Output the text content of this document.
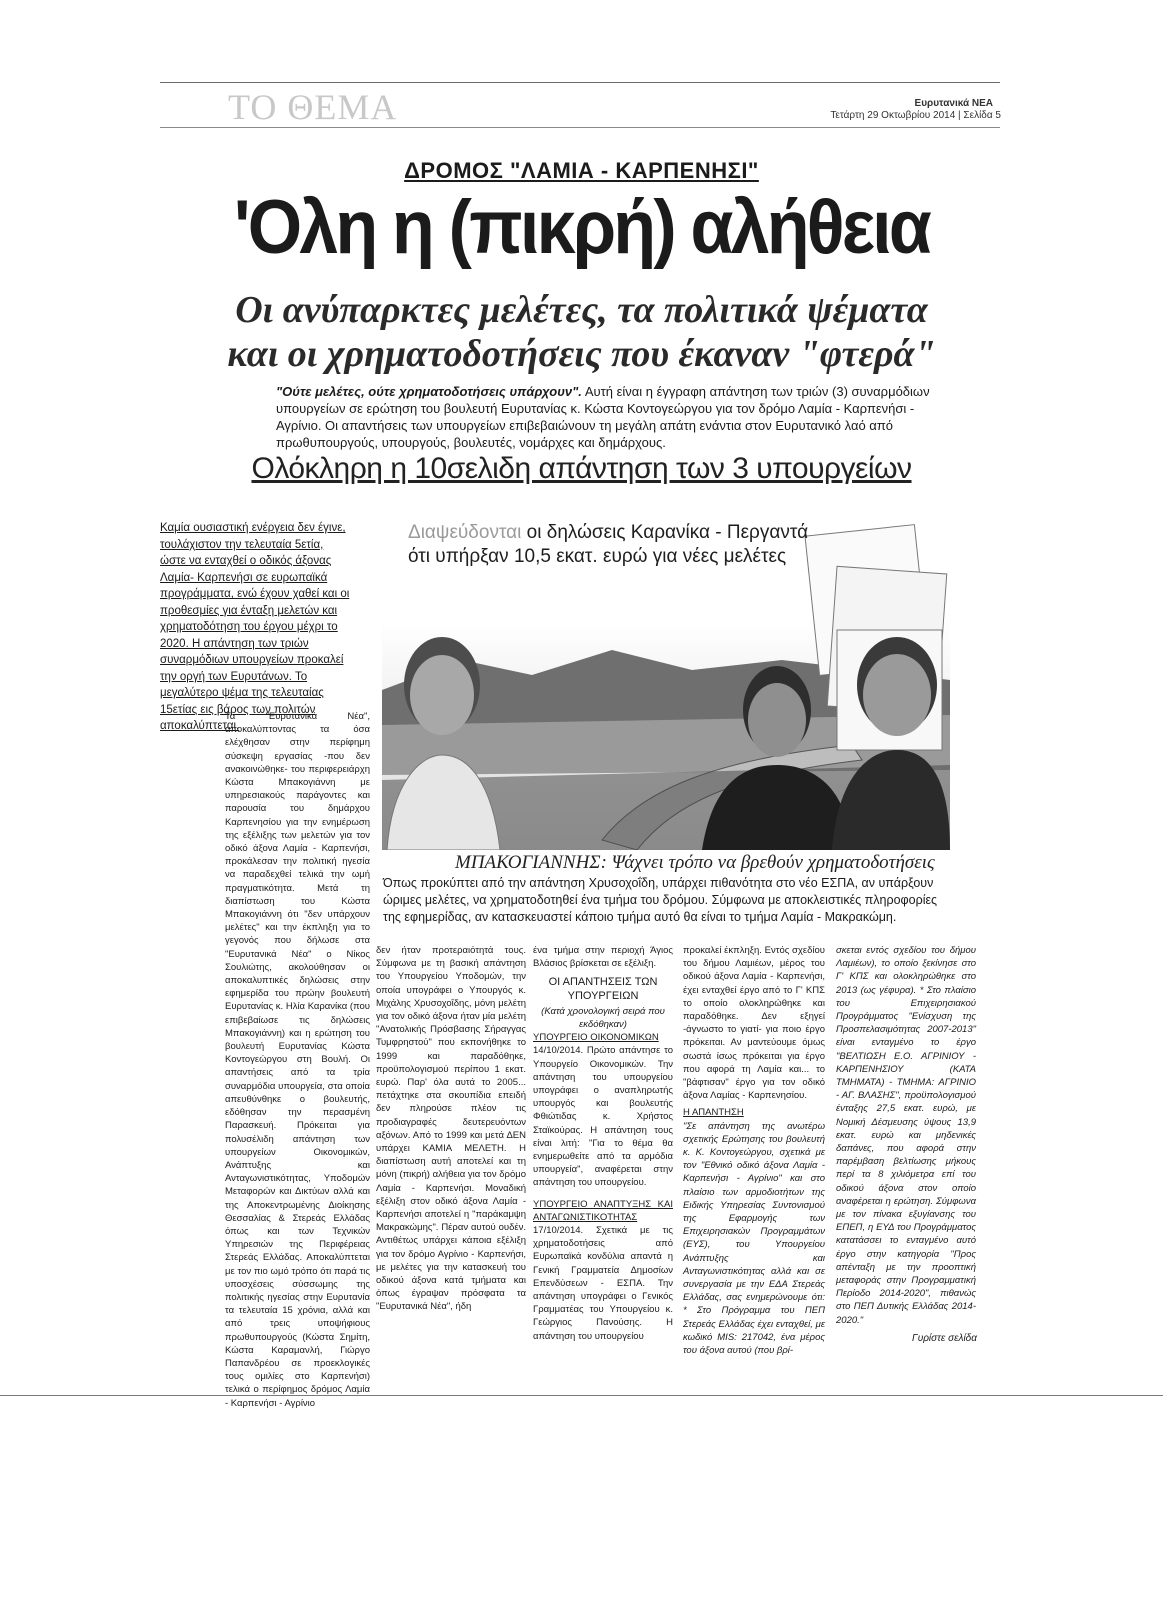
ΤΟ ΘΕΜΑ	Ευρυτανικά ΝΕΑ
Τετάρτη 29 Οκτωβρίου 2014 | Σελίδα 5
ΔΡΟΜΟΣ "ΛΑΜΙΑ - ΚΑΡΠΕΝΗΣΙ"
'Ολη η (πικρή) αλήθεια
Οι ανύπαρκτες μελέτες, τα πολιτικά ψέματα
και οι χρηματοδοτήσεις που έκαναν "φτερά"
"Ούτε μελέτες, ούτε χρηματοδοτήσεις υπάρχουν". Αυτή είναι η έγγραφη απάντηση των τριών (3) συναρμόδιων υπουργείων σε ερώτηση του βουλευτή Ευρυτανίας κ. Κώστα Κοντογεώργου για τον δρόμο Λαμία - Καρπενήσι - Αγρίνιο. Οι απαντήσεις των υπουργείων επιβεβαιώνουν τη μεγάλη απάτη ενάντια στον Ευρυτανικό λαό από πρωθυπουργούς, υπουργούς, βουλευτές, νομάρχες και δημάρχους.
Ολόκληρη η 10σελιδη απάντηση των 3 υπουργείων
Καμία ουσιαστική ενέργεια δεν έγινε, τουλάχιστον την τελευταία 5ετία, ώστε να ενταχθεί ο οδικός άξονας Λαμία- Καρπενήσι σε ευρωπαϊκά προγράμματα, ενώ έχουν χαθεί και οι προθεσμίες για ένταξη μελετών και χρηματοδότηση του έργου μέχρι το 2020. Η απάντηση των τριών συναρμόδιων υπουργείων προκαλεί την οργή των Ευρυτάνων. Το μεγαλύτερο ψέμα της τελευταίας 15ετίας εις βάρος των πολιτών αποκαλύπτεται.
Διαψεύδονται οι δηλώσεις Καρανίκα - Περγαντά ότι υπήρξαν 10,5 εκατ. ευρώ για νέες μελέτες
ΜΠΑΚΟΓΙΑΝΝΗΣ: Ψάχνει τρόπο να βρεθούν χρηματοδοτήσεις
Όπως προκύπτει από την απάντηση Χρυσοχοΐδη, υπάρχει πιθανότητα στο νέο ΕΣΠΑ, αν υπάρξουν ώριμες μελέτες, να χρηματοδοτηθεί ένα τμήμα του δρόμου. Σύμφωνα με αποκλειστικές πληροφορίες της εφημερίδας, αν κατασκευαστεί κάποιο τμήμα αυτό θα είναι το τμήμα Λαμία - Μακρακώμη.
Τα "Ευρυτανικά Νέα", αποκαλύπτοντας τα όσα ελέχθησαν στην περίφημη σύσκεψη εργασίας -που δεν ανακοινώθηκε- του περιφερειάρχη Κώστα Μπακογιάννη με υπηρεσιακούς παράγοντες και παρουσία του δημάρχου Καρπενησίου για την ενημέρωση της εξέλιξης των μελετών για τον οδικό άξονα Λαμία - Καρπενήσι, προκάλεσαν την πολιτική ηγεσία να παραδεχθεί τελικά την ωμή πραγματικότητα. Μετά τη διαπίστωση του Κώστα Μπακογιάννη ότι "δεν υπάρχουν μελέτες" και την έκπληξη για το γεγονός που δήλωσε στα "Ευρυτανικά Νέα" ο Νίκος Σουλιώτης, ακολούθησαν οι αποκαλυπτικές δηλώσεις στην εφημερίδα του πρώην βουλευτή Ευρυτανίας κ. Ηλία Καρανίκα (που επιβεβαίωσε τις δηλώσεις Μπακογιάννη) και η ερώτηση του βουλευτή Ευρυτανίας Κώστα Κοντογεώργου στη Βουλή. Οι απαντήσεις από τα τρία συναρμόδια υπουργεία, στα οποία απευθύνθηκε ο βουλευτής, εδόθησαν την περασμένη Παρασκευή. Πρόκειται για πολυσέλιδη απάντηση των υπουργείων Οικονομικών, Ανάπτυξης και Ανταγωνιστικότητας, Υποδομών Μεταφορών και Δικτύων αλλά και της Αποκεντρωμένης Διοίκησης Θεσσαλίας & Στερεάς Ελλάδας όπως και των Τεχνικών Υπηρεσιών της Περιφέρειας Στερεάς Ελλάδας. Αποκαλύπτεται με τον πιο ωμό τρόπο ότι παρά τις υποσχέσεις σύσσωμης της πολιτικής ηγεσίας στην Ευρυτανία τα τελευταία 15 χρόνια, αλλά και από τρεις υποψήφιους πρωθυπουργούς (Κώστα Σημίτη, Κώστα Καραμανλή, Γιώργο Παπανδρέου σε προεκλογικές τους ομιλίες στο Καρπενήσι) τελικά ο περίφημος δρόμος Λαμία - Καρπενήσι - Αγρίνιο
δεν ήταν προτεραιότητά τους. Σύμφωνα με τη βασική απάντηση του Υπουργείου Υποδομών, την οποία υπογράφει ο Υπουργός κ. Μιχάλης Χρυσοχοΐδης, μόνη μελέτη για τον οδικό άξονα ήταν μία μελέτη "Ανατολικής Πρόσβασης Σήραγγας Τυμφρηστού" που εκπονήθηκε το 1999 και παραδόθηκε, προϋπολογισμού περίπου 1 εκατ. ευρώ. Παρ' όλα αυτά το 2005... πετάχτηκε στα σκουπίδια επειδή δεν πληρούσε πλέον τις προδιαγραφές δευτερευόντων αξόνων. Από το 1999 και μετά ΔΕΝ υπάρχει ΚΑΜΙΑ ΜΕΛΕΤΗ. Η διαπίστωση αυτή αποτελεί και τη μόνη (πικρή) αλήθεια για τον δρόμο Λαμία - Καρπενήσι. Μοναδική εξέλιξη στον οδικό άξονα Λαμία - Καρπενήσι αποτελεί η "παράκαμψη Μακρακώμης". Πέραν αυτού ουδέν. Αντιθέτως υπάρχει κάποια εξέλιξη για τον δρόμο Αγρίνιο - Καρπενήσι, με μελέτες για την κατασκευή του οδικού άξονα κατά τμήματα και όπως έγραψαν πρόσφατα τα "Ευρυτανικά Νέα", ήδη
ένα τμήμα στην περιοχή Άγιος Βλάσιος βρίσκεται σε εξέλιξη.
ΟΙ ΑΠΑΝΤΗΣΕΙΣ ΤΩΝ ΥΠΟΥΡΓΕΙΩΝ
(Κατά χρονολογική σειρά που εκδόθηκαν)
ΥΠΟΥΡΓΕΙΟ ΟΙΚΟΝΟΜΙΚΩΝ
14/10/2014. Πρώτο απάντησε το Υπουργείο Οικονομικών. Την απάντηση του υπουργείου υπογράφει ο αναπληρωτής υπουργός και βουλευτής Φθιώτιδας κ. Χρήστος Σταϊκούρας. Η απάντηση τους είναι λιτή: "Για το θέμα θα ενημερωθείτε από τα αρμόδια υπουργεία", αναφέρεται στην απάντηση του υπουργείου.
ΥΠΟΥΡΓΕΙΟ ΑΝΑΠΤΥΞΗΣ ΚΑΙ ΑΝΤΑΓΩΝΙΣΤΙΚΟΤΗΤΑΣ
17/10/2014. Σχετικά με τις χρηματοδοτήσεις από Ευρωπαϊκά κονδύλια απαντά η Γενική Γραμματεία Δημοσίων Επενδύσεων - ΕΣΠΑ. Την απάντηση υπογράφει ο Γενικός Γραμματέας του Υπουργείου κ. Γεώργιος Πανούσης. Η απάντηση του υπουργείου
προκαλεί έκπληξη. Εντός σχεδίου του δήμου Λαμιέων, μέρος του οδικού άξονα Λαμία - Καρπενήσι, έχει ενταχθεί έργο από το Γ' ΚΠΣ το οποίο ολοκληρώθηκε και παραδόθηκε. Δεν εξηγεί -άγνωστο το γιατί- για ποιο έργο πρόκειται. Αν μαντεύουμε όμως σωστά ίσως πρόκειται για έργο που αφορά τη Λαμία και... το "βάφτισαν" έργο για τον οδικό άξονα Λαμίας - Καρπενησίου.
Η ΑΠΑΝΤΗΣΗ
"Σε απάντηση της ανωτέρω σχετικής Ερώτησης του βουλευτή κ. Κ. Κοντογεώργου, σχετικά με τον "Εθνικό οδικό άξονα Λαμία - Καρπενήσι - Αγρίνιο" και στο πλαίσιο των αρμοδιοτήτων της Ειδικής Υπηρεσίας Συντονισμού της Εφαρμογής των Επιχειρησιακών Προγραμμάτων (ΕΥΣ), του Υπουργείου Ανάπτυξης και Ανταγωνιστικότητας αλλά και σε συνεργασία με την ΕΔΑ Στερεάς Ελλάδας, σας ενημερώνουμε ότι: * Στο Πρόγραμμα του ΠΕΠ Στερεάς Ελλάδας έχει ενταχθεί, με κωδικό MIS: 217042, ένα μέρος του άξονα αυτού (που βρί-
σκεται εντός σχεδίου του δήμου Λαμιέων), το οποίο ξεκίνησε στο Γ' ΚΠΣ και ολοκληρώθηκε στο 2013 (ως γέφυρα). * Στο πλαίσιο του Επιχειρησιακού Προγράμματος "Ενίσχυση της Προσπελασιμότητας 2007-2013" είναι ενταγμένο το έργο "ΒΕΛΤΙΩΣΗ Ε.Ο. ΑΓΡΙΝΙΟΥ - ΚΑΡΠΕΝΗΣΙΟΥ (ΚΑΤΑ ΤΜΗΜΑΤΑ) - ΤΜΗΜΑ: ΑΓΡΙΝΙΟ - ΑΓ. ΒΛΑΣΗΣ", προϋπολογισμού ένταξης 27,5 εκατ. ευρώ, με Νομική Δέσμευσης ύψους 13,9 εκατ. ευρώ και μηδενικές δαπάνες, που αφορά στην παρέμβαση βελτίωσης μήκους περί τα 8 χιλιόμετρα επί του οδικού άξονα στον οποίο αναφέρεται η ερώτηση. Σύμφωνα με τον πίνακα εξυγίανσης του ΕΠΕΠ, η ΕΥΔ του Προγράμματος κατατάσσει το ενταγμένο αυτό έργο στην κατηγορία "Προς απένταξη με την προοπτική μεταφοράς στην Προγραμματική Περίοδο 2014-2020", πιθανώς στο ΠΕΠ Δυτικής Ελλάδας 2014-2020."
Γυρίστε σελίδα
